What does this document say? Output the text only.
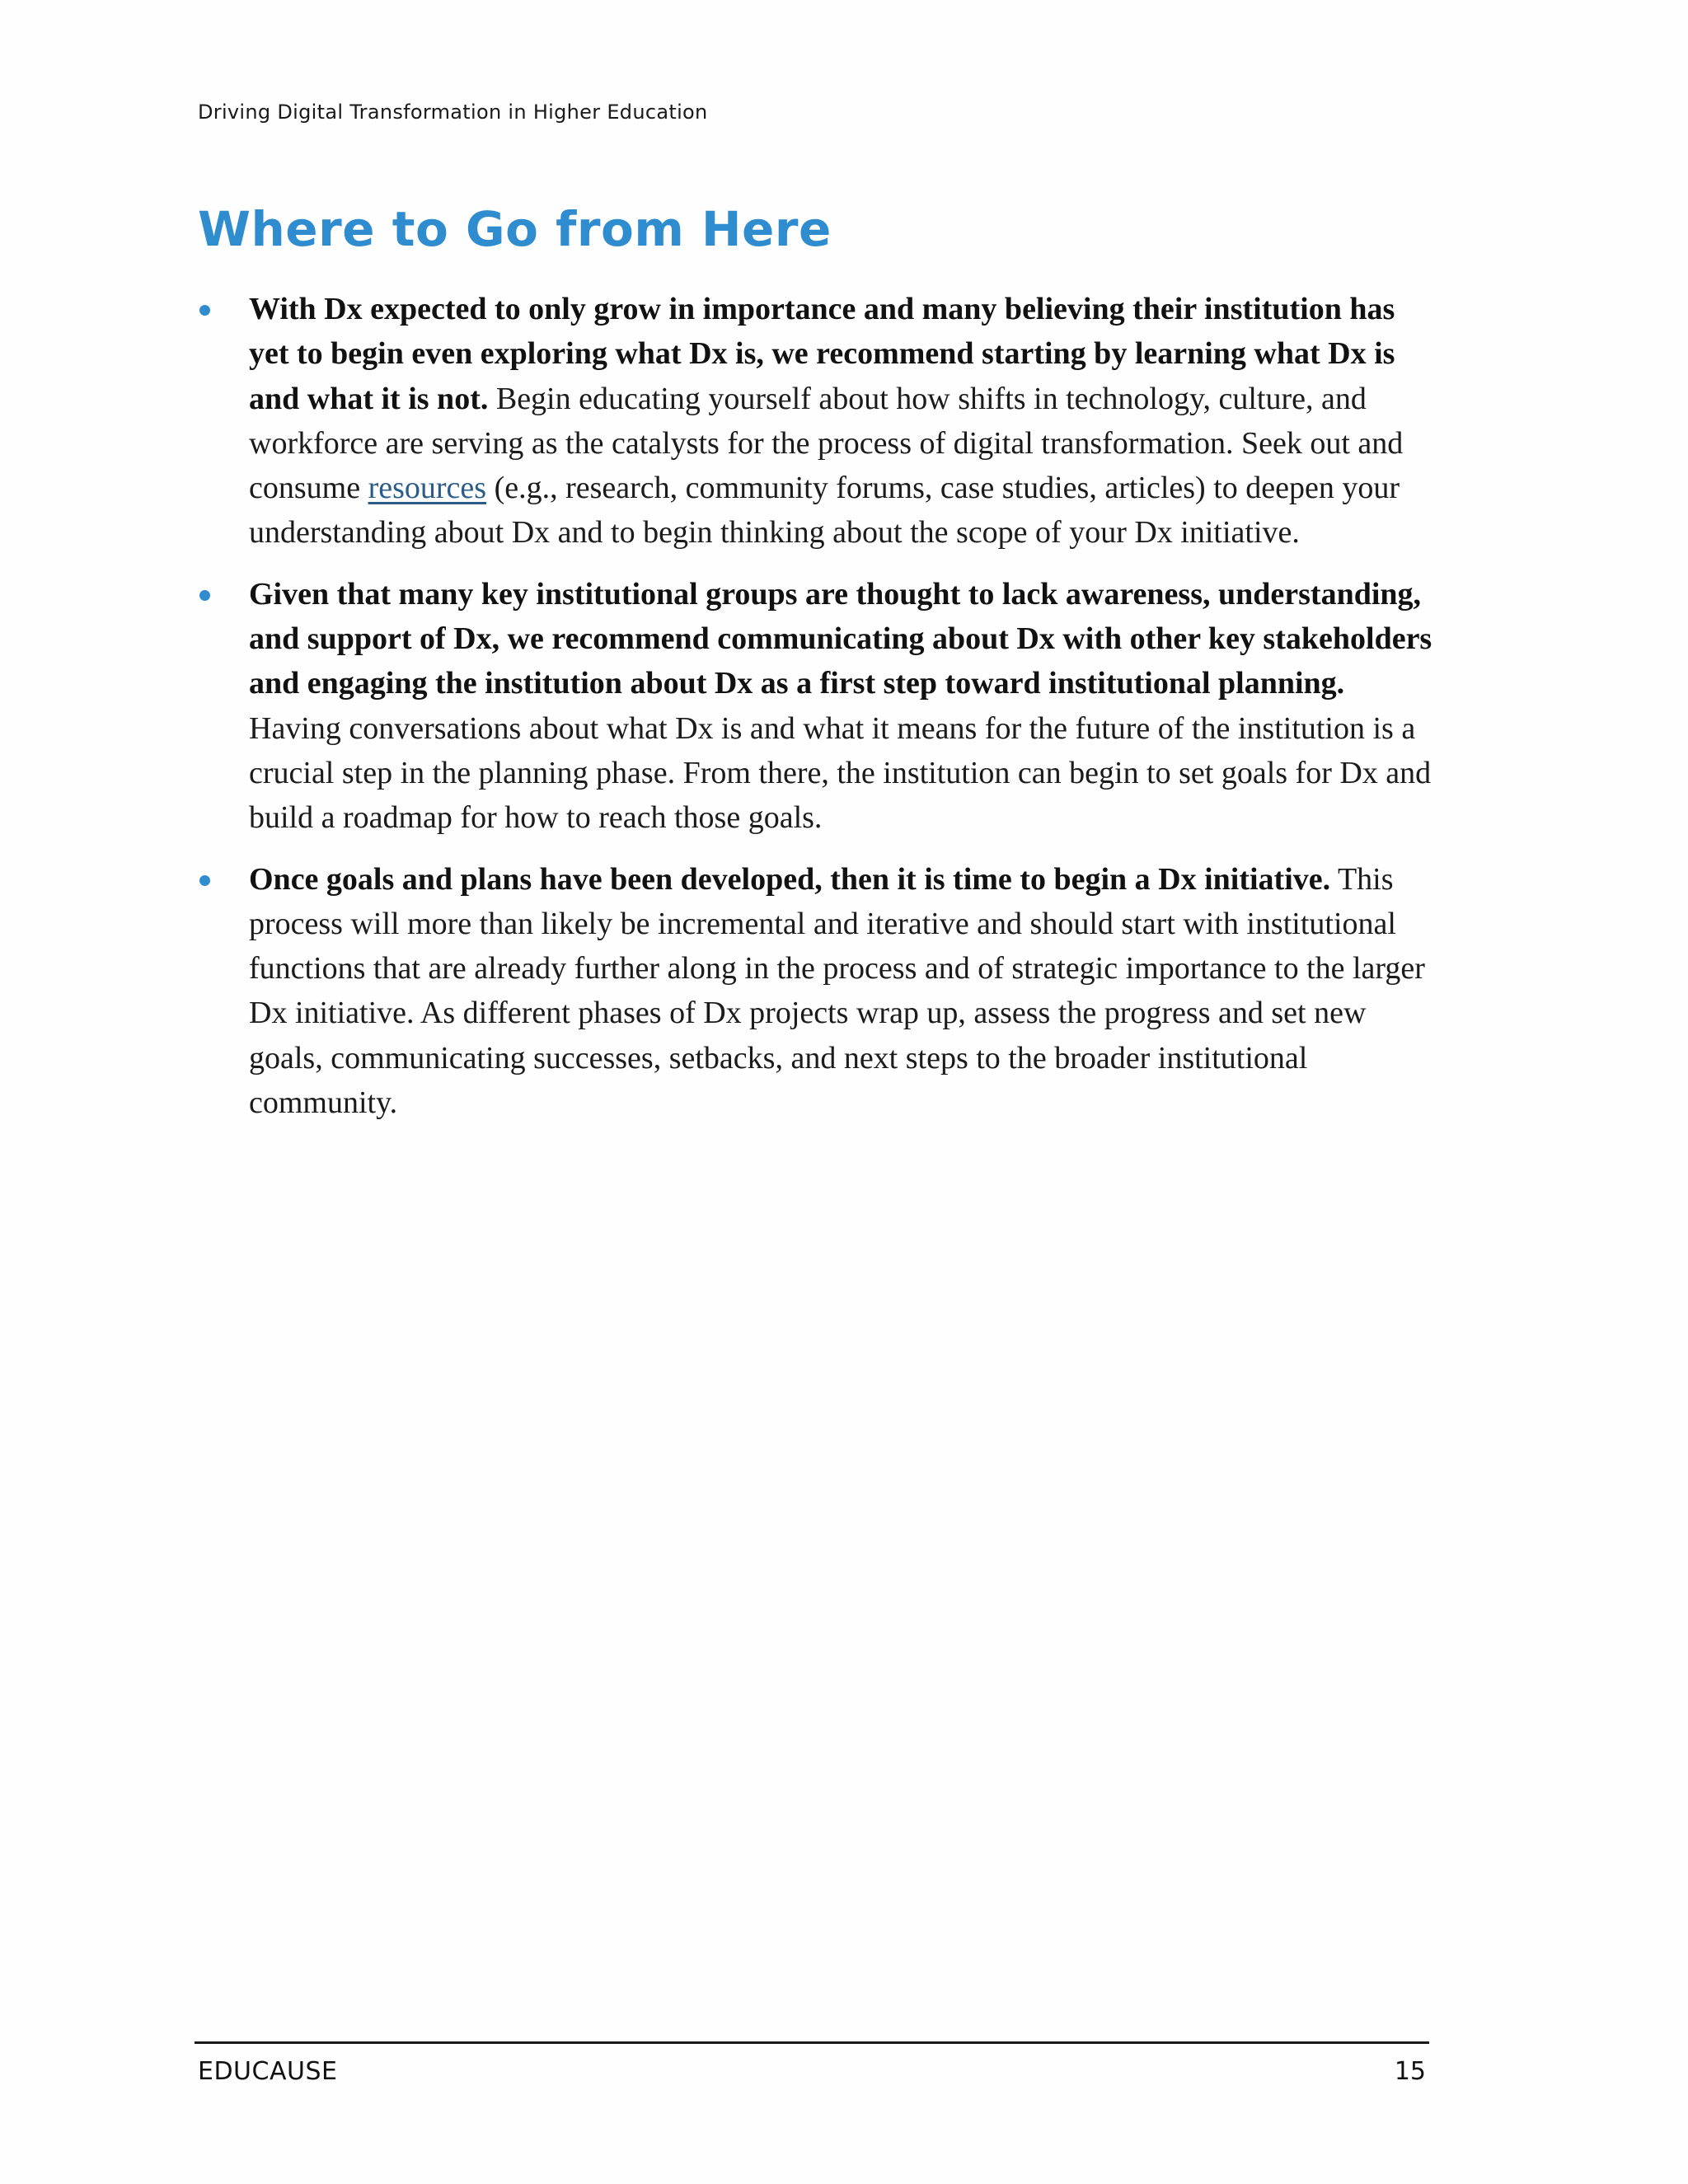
Driving Digital Transformation in Higher Education
Where to Go from Here
With Dx expected to only grow in importance and many believing their institution has yet to begin even exploring what Dx is, we recommend starting by learning what Dx is and what it is not. Begin educating yourself about how shifts in technology, culture, and workforce are serving as the catalysts for the process of digital transformation. Seek out and consume resources (e.g., research, community forums, case studies, articles) to deepen your understanding about Dx and to begin thinking about the scope of your Dx initiative.
Given that many key institutional groups are thought to lack awareness, understanding, and support of Dx, we recommend communicating about Dx with other key stakeholders and engaging the institution about Dx as a first step toward institutional planning. Having conversations about what Dx is and what it means for the future of the institution is a crucial step in the planning phase. From there, the institution can begin to set goals for Dx and build a roadmap for how to reach those goals.
Once goals and plans have been developed, then it is time to begin a Dx initiative. This process will more than likely be incremental and iterative and should start with institutional functions that are already further along in the process and of strategic importance to the larger Dx initiative. As different phases of Dx projects wrap up, assess the progress and set new goals, communicating successes, setbacks, and next steps to the broader institutional community.
EDUCAUSE	15
